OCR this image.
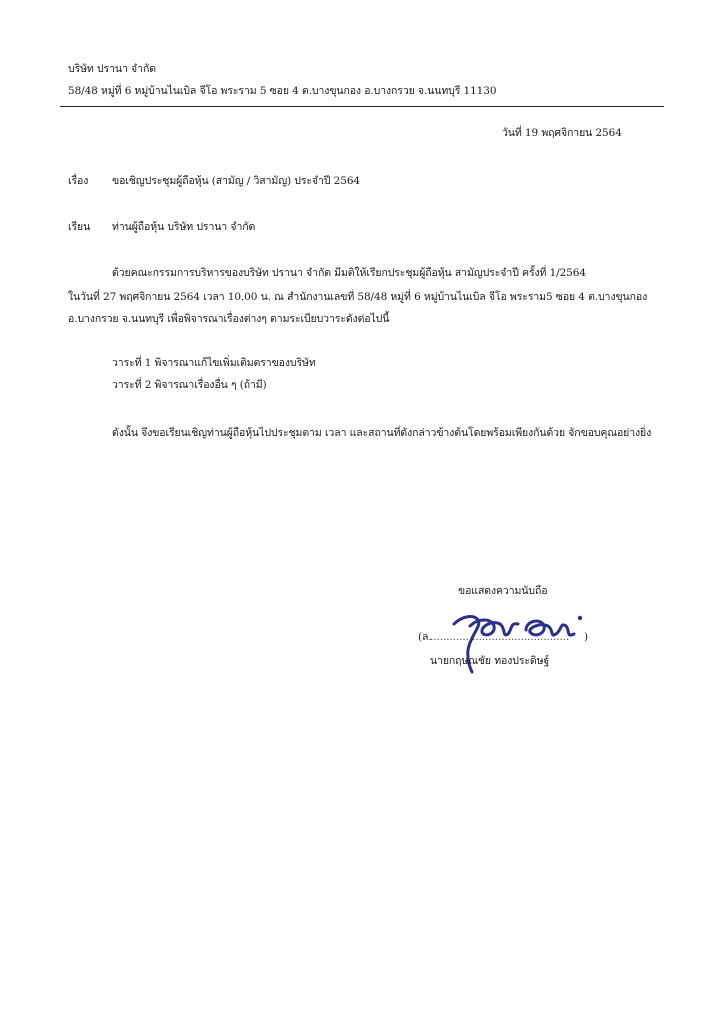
บริษัท ปรานา จำกัด
58/48 หมู่ที่ 6 หมู่บ้านไนเบิล จีโอ พระราม 5 ซอย 4 ต.บางขุนกอง อ.บางกรวย จ.นนทบุรี 11130
วันที่ 19 พฤศจิกายน 2564
เรื่อง ขอเชิญประชุมผู้ถือหุ้น (สามัญ / วิสามัญ) ประจำปี 2564
เรียน ท่านผู้ถือหุ้น บริษัท ปรานา จำกัด
ด้วยคณะกรรมการบริหารของบริษัท ปรานา จำกัด มีมติให้เรียกประชุมผู้ถือหุ้น สามัญประจำปี ครั้งที่ 1/2564
ในวันที่ 27 พฤศจิกายน 2564 เวลา 10.00 น. ณ สำนักงานเลขที่ 58/48 หมู่ที่ 6 หมู่บ้านไนเบิล จีโอ พระราม5 ซอย 4 ต.บางขุนกอง
อ.บางกรวย จ.นนทบุรี เพื่อพิจารณาเรื่องต่างๆ ตามระเบียบวาระดังต่อไปนี้
วาระที่ 1 พิจารณาแก้ไขเพิ่มเติมตราของบริษัท
วาระที่ 2 พิจารณาเรื่องอื่น ๆ (ถ้ามี)
ดังนั้น จึงขอเรียนเชิญท่านผู้ถือหุ้นไปประชุมตาม เวลา และสถานที่ดังกล่าวข้างต้นโดยพร้อมเพียงกันด้วย จักขอบคุณอย่างยิ่ง
ขอแสดงความนับถือ
(ล.
........................................... )
นายกฤษณชัย ทองประดิษฐ์
